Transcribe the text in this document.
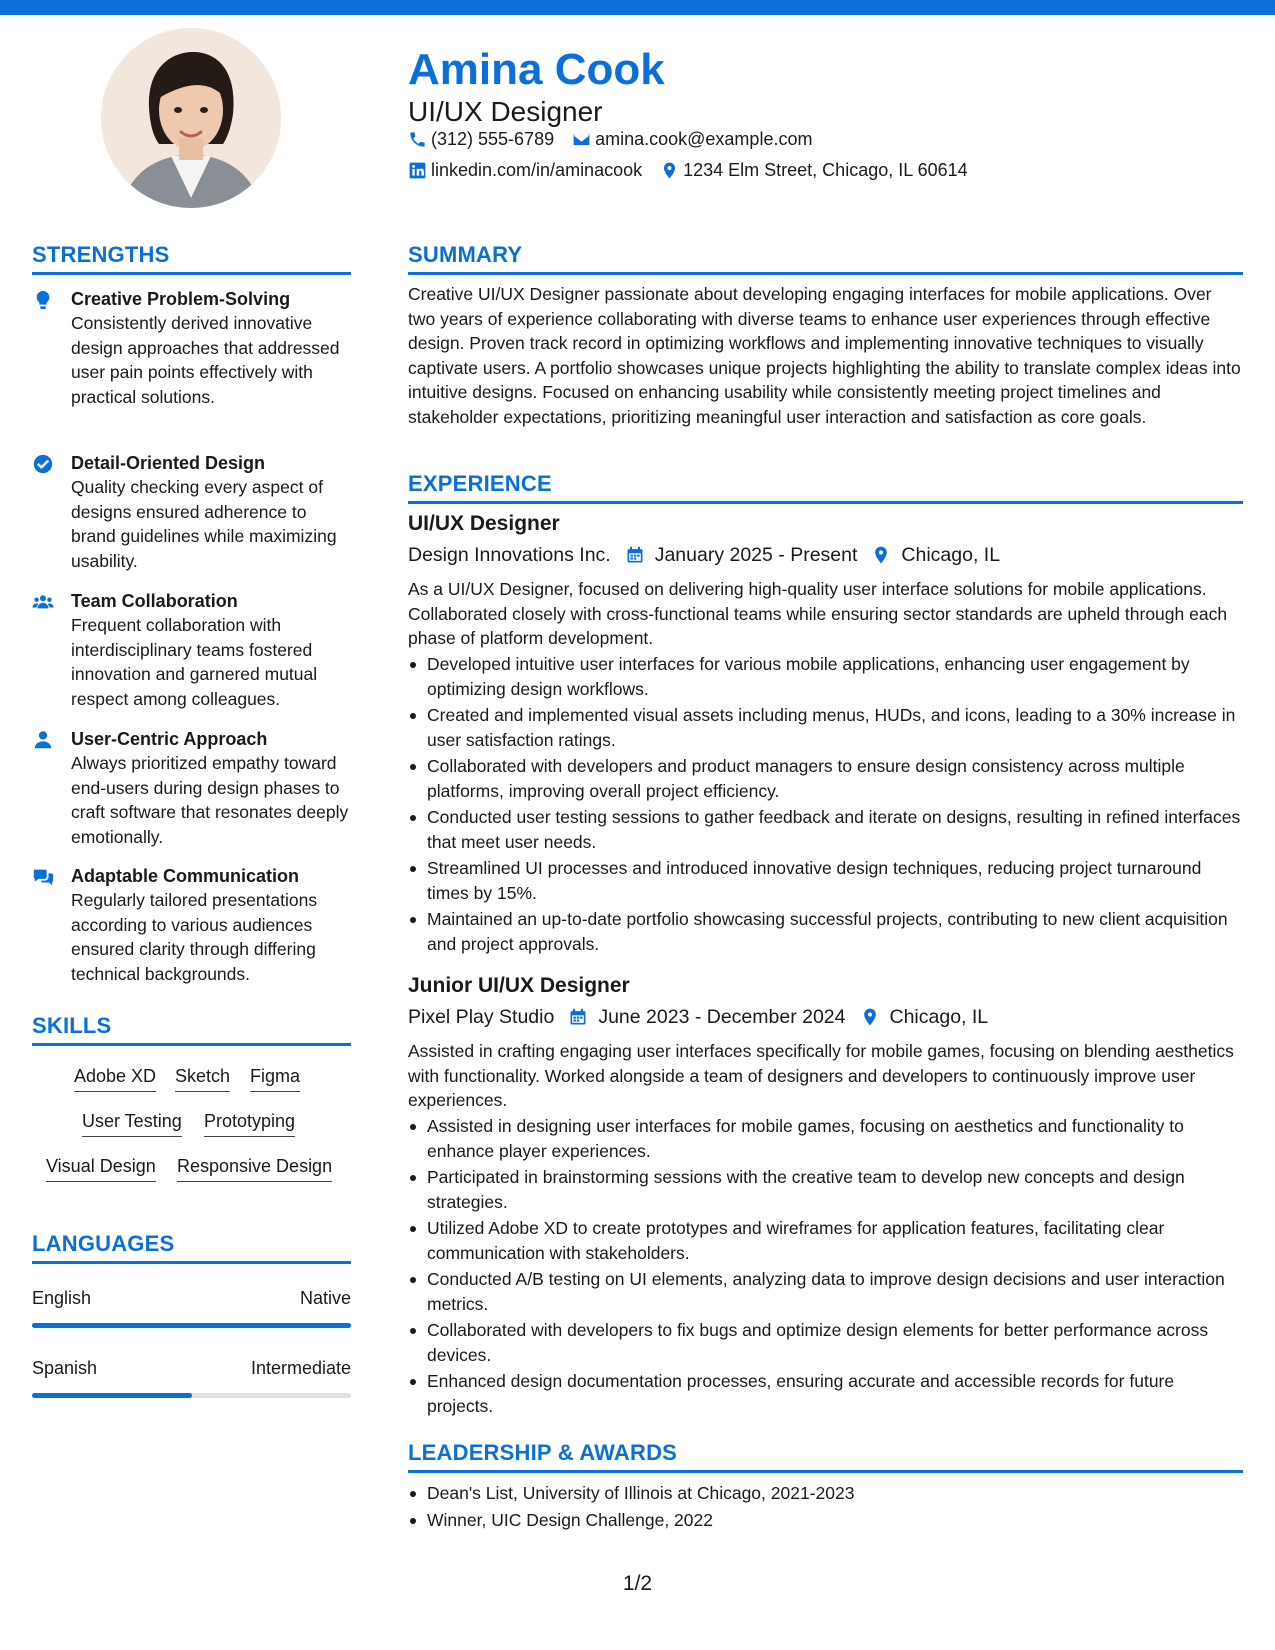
Amina Cook
UI/UX Designer
(312) 555-6789 amina.cook@example.com
linkedin.com/in/aminacook 1234 Elm Street, Chicago, IL 60614
STRENGTHS
Creative Problem-Solving
Consistently derived innovative design approaches that addressed user pain points effectively with practical solutions.
Detail-Oriented Design
Quality checking every aspect of designs ensured adherence to brand guidelines while maximizing usability.
Team Collaboration
Frequent collaboration with interdisciplinary teams fostered innovation and garnered mutual respect among colleagues.
User-Centric Approach
Always prioritized empathy toward end-users during design phases to craft software that resonates deeply emotionally.
Adaptable Communication
Regularly tailored presentations according to various audiences ensured clarity through differing technical backgrounds.
SKILLS
Adobe XD Sketch Figma
User Testing Prototyping
Visual Design Responsive Design
LANGUAGES
English	Native
Spanish	Intermediate
SUMMARY
Creative UI/UX Designer passionate about developing engaging interfaces for mobile applications. Over two years of experience collaborating with diverse teams to enhance user experiences through effective design. Proven track record in optimizing workflows and implementing innovative techniques to visually captivate users. A portfolio showcases unique projects highlighting the ability to translate complex ideas into intuitive designs. Focused on enhancing usability while consistently meeting project timelines and stakeholder expectations, prioritizing meaningful user interaction and satisfaction as core goals.
EXPERIENCE
UI/UX Designer
Design Innovations Inc. January 2025 - Present Chicago, IL
As a UI/UX Designer, focused on delivering high-quality user interface solutions for mobile applications. Collaborated closely with cross-functional teams while ensuring sector standards are upheld through each phase of platform development.
Developed intuitive user interfaces for various mobile applications, enhancing user engagement by optimizing design workflows.
Created and implemented visual assets including menus, HUDs, and icons, leading to a 30% increase in user satisfaction ratings.
Collaborated with developers and product managers to ensure design consistency across multiple platforms, improving overall project efficiency.
Conducted user testing sessions to gather feedback and iterate on designs, resulting in refined interfaces that meet user needs.
Streamlined UI processes and introduced innovative design techniques, reducing project turnaround times by 15%.
Maintained an up-to-date portfolio showcasing successful projects, contributing to new client acquisition and project approvals.
Junior UI/UX Designer
Pixel Play Studio June 2023 - December 2024 Chicago, IL
Assisted in crafting engaging user interfaces specifically for mobile games, focusing on blending aesthetics with functionality. Worked alongside a team of designers and developers to continuously improve user experiences.
Assisted in designing user interfaces for mobile games, focusing on aesthetics and functionality to enhance player experiences.
Participated in brainstorming sessions with the creative team to develop new concepts and design strategies.
Utilized Adobe XD to create prototypes and wireframes for application features, facilitating clear communication with stakeholders.
Conducted A/B testing on UI elements, analyzing data to improve design decisions and user interaction metrics.
Collaborated with developers to fix bugs and optimize design elements for better performance across devices.
Enhanced design documentation processes, ensuring accurate and accessible records for future projects.
LEADERSHIP & AWARDS
Dean's List, University of Illinois at Chicago, 2021-2023
Winner, UIC Design Challenge, 2022
1/2
